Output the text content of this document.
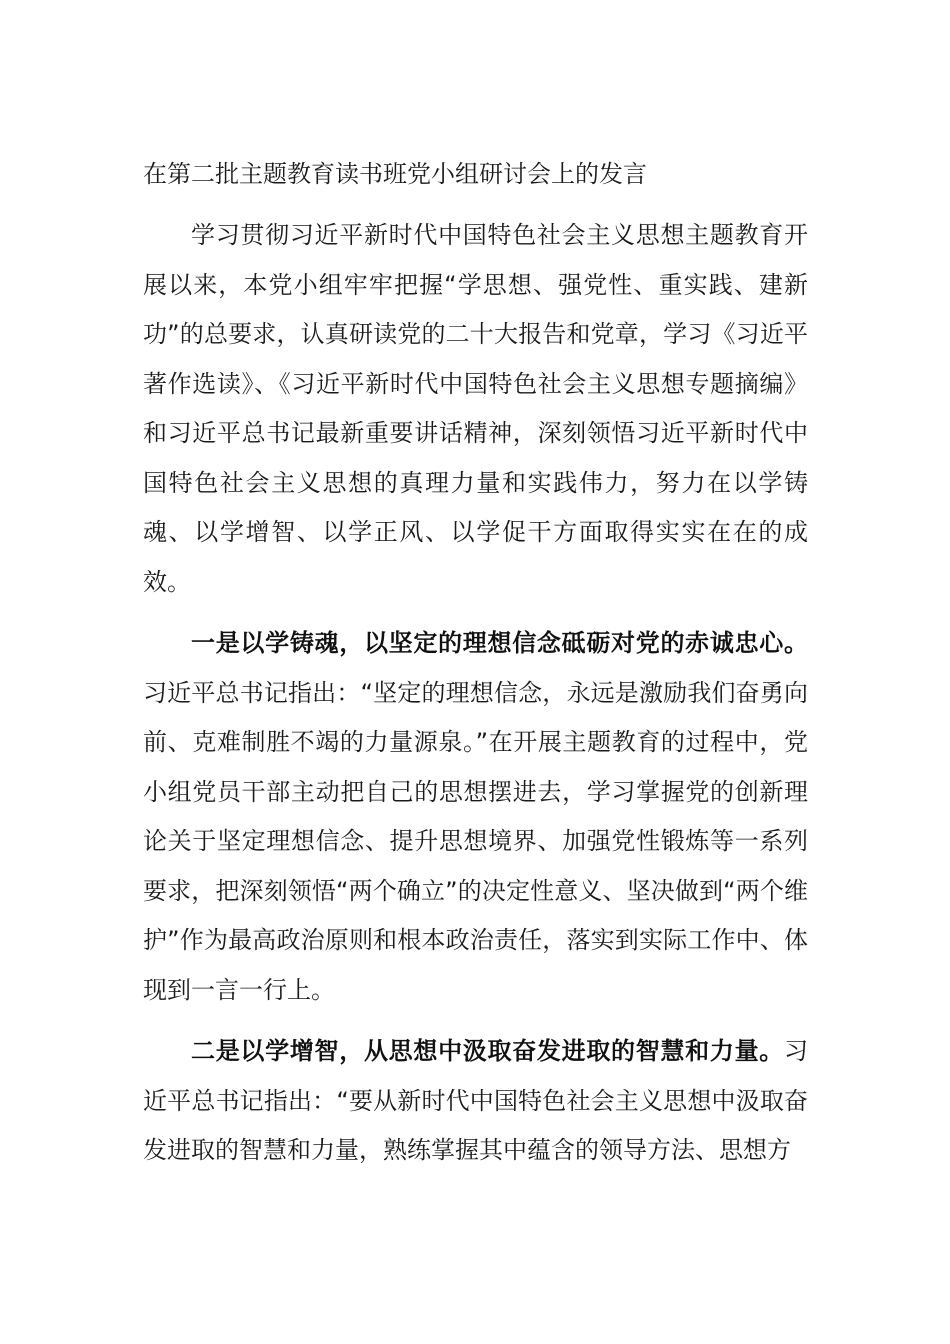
在第二批主题教育读书班党小组研讨会上的发言

学习贯彻习近平新时代中国特色社会主义思想主题教育开展以来，本党小组牢牢把握“学思想、强党性、重实践、建新功”的总要求，认真研读党的二十大报告和党章，学习《习近平著作选读》、《习近平新时代中国特色社会主义思想专题摘编》和习近平总书记最新重要讲话精神，深刻领悟习近平新时代中国特色社会主义思想的真理力量和实践伟力，努力在以学铸魂、以学增智、以学正风、以学促干方面取得实实在在的成效。

一是以学铸魂，以坚定的理想信念砥砺对党的赤诚忠心。习近平总书记指出：“坚定的理想信念，永远是激励我们奋勇向前、克难制胜不竭的力量源泉。”在开展主题教育的过程中，党小组党员干部主动把自己的思想摆进去，学习掌握党的创新理论关于坚定理想信念、提升思想境界、加强党性锻炼等一系列要求，把深刻领悟“两个确立”的决定性意义、坚决做到“两个维护”作为最高政治原则和根本政治责任，落实到实际工作中、体现到一言一行上。

二是以学增智，从思想中汲取奋发进取的智慧和力量。习近平总书记指出：“要从新时代中国特色社会主义思想中汲取奋发进取的智慧和力量，熟练掌握其中蕴含的领导方法、思想方
